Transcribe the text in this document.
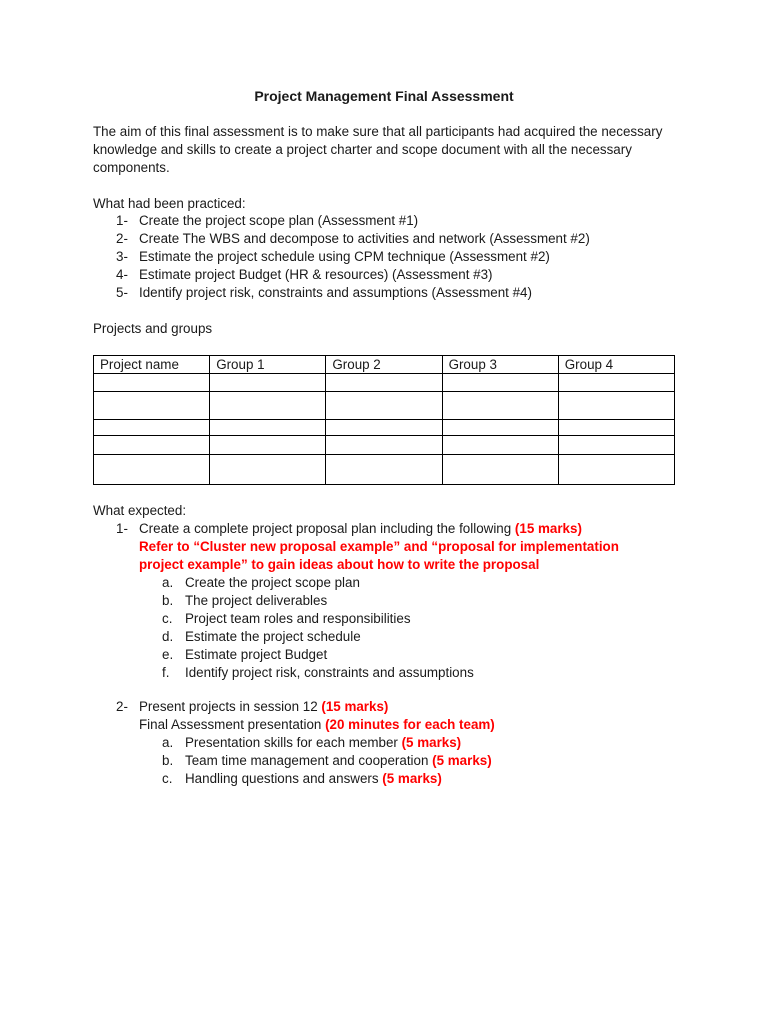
Project Management Final Assessment

The aim of this final assessment is to make sure that all participants had acquired the necessary knowledge and skills to create a project charter and scope document with all the necessary components.

What had been practiced:

1- Create the project scope plan (Assessment #1)
2- Create The WBS and decompose to activities and network (Assessment #2)
3- Estimate the project schedule using CPM technique (Assessment #2)
4- Estimate project Budget (HR & resources) (Assessment #3)
5- Identify project risk, constraints and assumptions (Assessment #4)

Projects and groups

Project name	Group 1	Group 2	Group 3	Group 4

What expected:

1- Create a complete project proposal plan including the following (15 marks)
Refer to “Cluster new proposal example” and “proposal for implementation project example” to gain ideas about how to write the proposal
a. Create the project scope plan
b. The project deliverables
c. Project team roles and responsibilities
d. Estimate the project schedule
e. Estimate project Budget
f. Identify project risk, constraints and assumptions
2- Present projects in session 12 (15 marks)
Final Assessment presentation (20 minutes for each team)
a. Presentation skills for each member (5 marks)
b. Team time management and cooperation (5 marks)
c. Handling questions and answers (5 marks)
